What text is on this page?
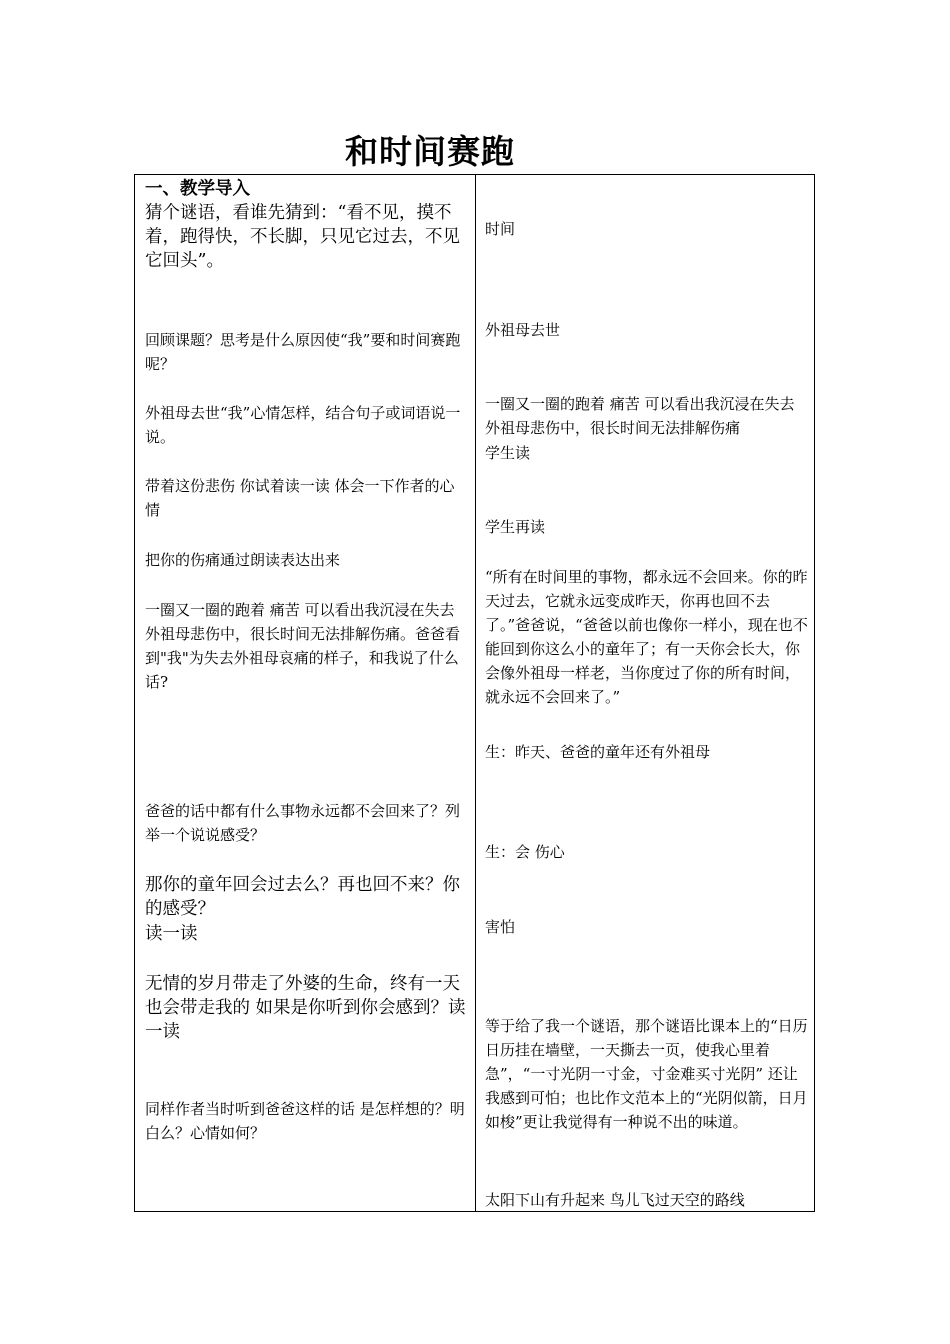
和时间赛跑
一、教学导入
猜个谜语，看谁先猜到：“看不见，摸不着，跑得快，不长脚，只见它过去，不见它回头”。
回顾课题？思考是什么原因使“我”要和时间赛跑呢？
外祖母去世“我”心情怎样，结合句子或词语说一说。
带着这份悲伤 你试着读一读 体会一下作者的心情
把你的伤痛通过朗读表达出来
一圈又一圈的跑着 痛苦 可以看出我沉浸在失去外祖母悲伤中，很长时间无法排解伤痛。爸爸看到"我"为失去外祖母哀痛的样子，和我说了什么话?
爸爸的话中都有什么事物永远都不会回来了？列举一个说说感受？
那你的童年回会过去么？再也回不来？你的感受？
读一读
无情的岁月带走了外婆的生命，终有一天也会带走我的 如果是你听到你会感到？读一读
同样作者当时听到爸爸这样的话 是怎样想的？明白么？心情如何？
时间
外祖母去世
一圈又一圈的跑着 痛苦 可以看出我沉浸在失去外祖母悲伤中，很长时间无法排解伤痛
学生读
学生再读
“所有在时间里的事物，都永远不会回来。你的昨天过去，它就永远变成昨天，你再也回不去了。”爸爸说，“爸爸以前也像你一样小，现在也不能回到你这么小的童年了；有一天你会长大，你会像外祖母一样老，当你度过了你的所有时间，就永远不会回来了。”
生：昨天、爸爸的童年还有外祖母
生：会 伤心
害怕
等于给了我一个谜语，那个谜语比课本上的“日历日历挂在墙壁，一天撕去一页，使我心里着急”，“一寸光阴一寸金，寸金难买寸光阴” 还让我感到可怕；也比作文范本上的“光阴似箭，日月如梭”更让我觉得有一种说不出的味道。
太阳下山有升起来 鸟儿飞过天空的路线
